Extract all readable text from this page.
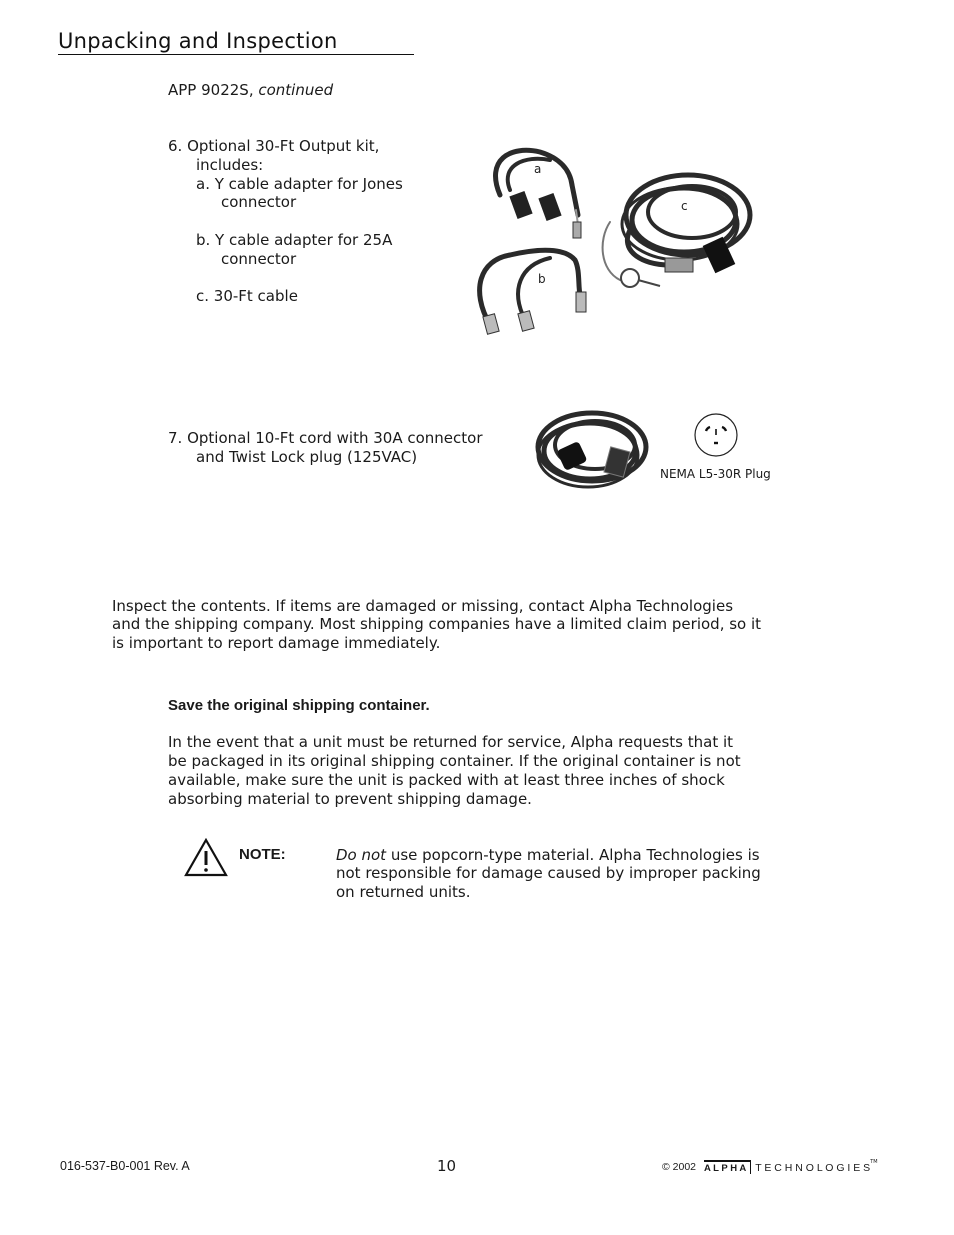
Unpacking and Inspection
APP 9022S, continued
6. Optional 30-Ft Output kit,
includes:
a. Y cable adapter for Jones
connector
b. Y cable adapter for 25A
connector
c. 30-Ft cable
a
b
c
7. Optional 10-Ft cord with 30A connector
and Twist Lock plug (125VAC)
NEMA L5-30R Plug
Inspect the contents. If items are damaged or missing, contact Alpha Technologies
and the shipping company. Most shipping companies have a limited claim period, so it
is important to report damage immediately.
Save the original shipping container.
In the event that a unit must be returned for service, Alpha requests that it
be packaged in its original shipping container. If the original container is not
available, make sure the unit is packed with at least three inches of shock
absorbing material to prevent shipping damage.
NOTE:	Do not use popcorn-type material. Alpha Technologies is
not responsible for damage caused by improper packing
on returned units.
016-537-B0-001 Rev. A	10	© 2002 A L P H A T E C H N O L O G I E S™
